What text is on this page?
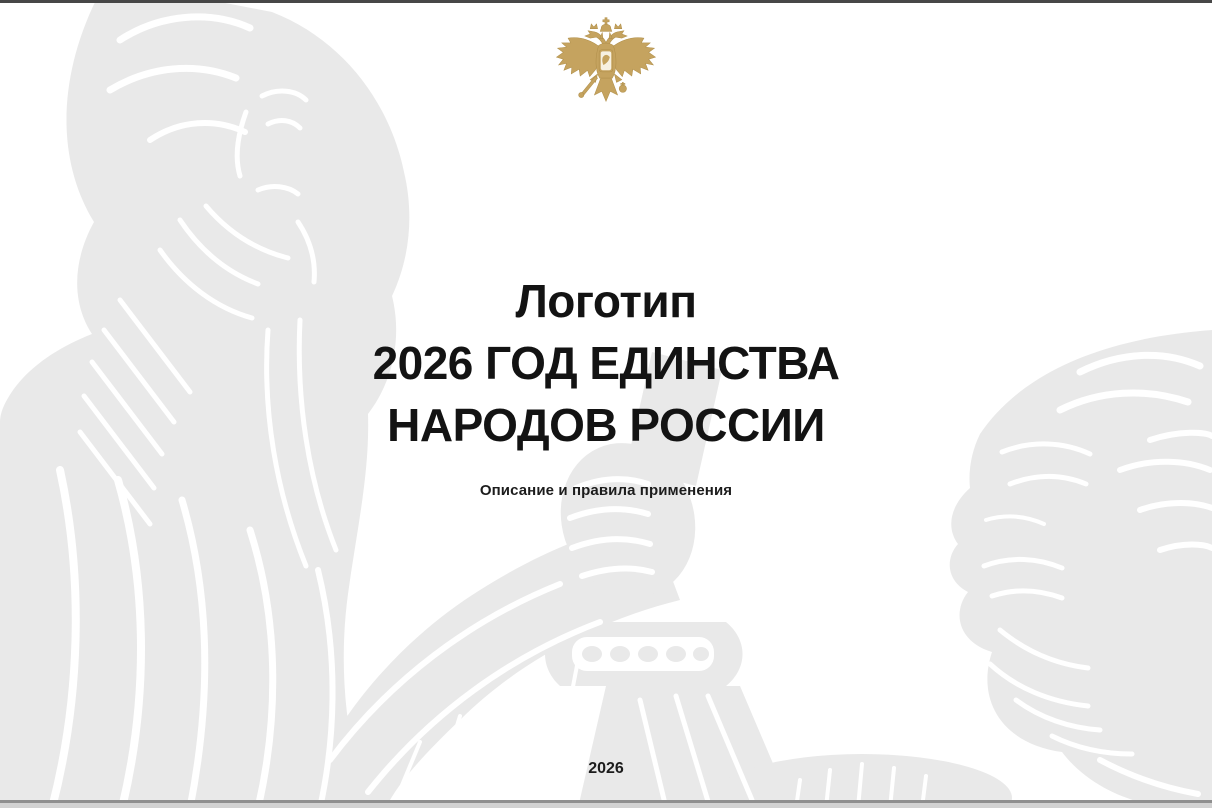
Логотип
2026 ГОД ЕДИНСТВА
НАРОДОВ РОССИИ
Описание и правила применения
2026
